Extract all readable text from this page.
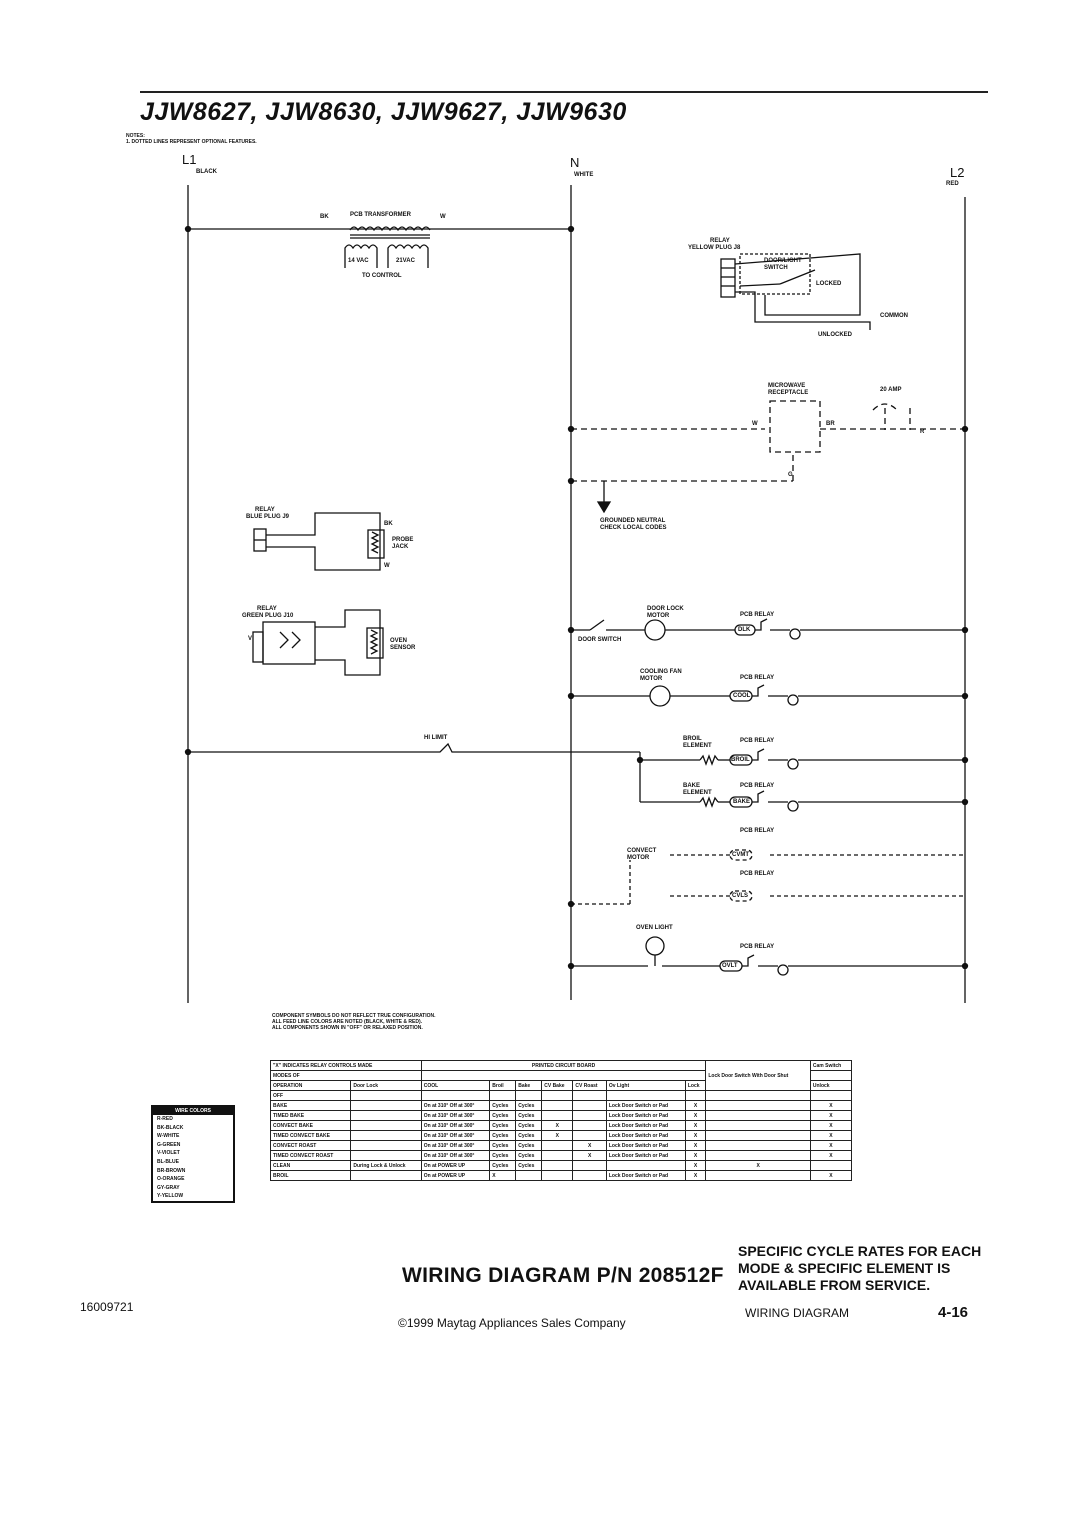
JJW8627, JJW8630, JJW9627, JJW9630
NOTES:
1. DOTTED LINES REPRESENT OPTIONAL FEATURES.
L1
BLACK
N
WHITE	L2
RED
BK	PCB TRANSFORMER	W
14 VAC	21VAC
TO CONTROL
RELAY
YELLOW PLUG J8
DOOR/LIGHT SWITCH
LOCKED
COMMON
UNLOCKED
MICROWAVE RECEPTACLE	20 AMP
W	BR
R
G
GROUNDED NEUTRAL CHECK LOCAL CODES
RELAY
BLUE PLUG J9
PROBE JACK
BK
W
RELAY
GREEN PLUG J10
OVEN SENSOR
V
DOOR LOCK MOTOR
DOOR SWITCH
PCB RELAY
DLK
COOLING FAN MOTOR	PCB RELAY
COOL
HI LIMIT	BROIL ELEMENT
PCB RELAY
BROIL
BAKE ELEMENT
PCB RELAY
BAKE
PCB RELAY
CONVECT MOTOR	CVMT
PCB RELAY
CVLS
OVEN LIGHT
PCB RELAY
OVLT
COMPONENT SYMBOLS DO NOT REFLECT TRUE CONFIGURATION.
ALL FEED LINE COLORS ARE NOTED (BLACK, WHITE & RED).
ALL COMPONENTS SHOWN IN "OFF" OR RELAXED POSITION.
WIRE COLORS
R-RED
BK-BLACK
W-WHITE
G-GREEN
V-VIOLET
BL-BLUE
BR-BROWN
O-ORANGE
GY-GRAY
Y-YELLOW
"X" INDICATES RELAY CONTROLS MADE		PRINTED CIRCUIT BOARD							Lock Door Switch With Door Shut	Cam Switch
MODES OF										
OPERATION	Door Lock	COOL	Broil	Bake	CV Bake	CV Roast	Ov Light	Lock		Unlock
OFF										
BAKE		On at 310° Off at 300°	Cycles	Cycles			Lock Door Switch or Pad	X		X
TIMED BAKE		On at 310° Off at 300°	Cycles	Cycles			Lock Door Switch or Pad	X		X
CONVECT BAKE		On at 310° Off at 300°	Cycles	Cycles	X		Lock Door Switch or Pad	X		X
TIMED CONVECT BAKE		On at 310° Off at 300°	Cycles	Cycles	X		Lock Door Switch or Pad	X		X
CONVECT ROAST		On at 310° Off at 300°	Cycles	Cycles		X	Lock Door Switch or Pad	X		X
TIMED CONVECT ROAST		On at 310° Off at 300°	Cycles	Cycles		X	Lock Door Switch or Pad	X		X
CLEAN	During Lock & Unlock	On at POWER UP	Cycles	Cycles				X	X	
BROIL		On at POWER UP	X				Lock Door Switch or Pad	X		X
WIRING DIAGRAM P/N 208512F
SPECIFIC CYCLE RATES FOR EACH
MODE & SPECIFIC ELEMENT IS
AVAILABLE FROM SERVICE.
16009721
©1999 Maytag Appliances Sales Company
WIRING DIAGRAM	4-16
